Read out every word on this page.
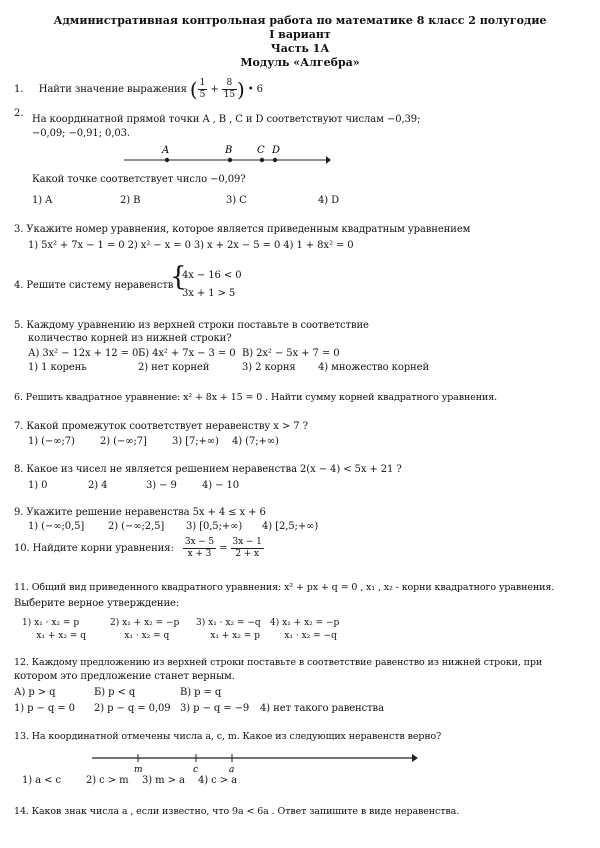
Административная контрольная работа по математике 8 класс 2 полугодие
I вариант
Часть 1А
Модуль «Алгебра»
1. Найти значение выражения ( $\frac{1}{5} + \frac{8}{15}$ ) • 6
2.
На координатной прямой точки A , B , C и D соответствуют числам −0,39;
−0,09; −0,91; 0,03.
A	B C D
Какой точке соответствует число −0,09?
1) A	2) B	3) C	4) D
3. Укажите номер уравнения, которое является приведенным квадратным уравнением
1) 5x² + 7x − 1 = 0 2) x² − x = 0 3) x + 2x − 5 = 0 4) 1 + 8x² = 0
4. Решите систему неравенств
{
4x − 16 < 0
3x + 1 > 5
5. Каждому уравнению из верхней строки поставьте в соответствие
количество корней из нижней строки?
А) 3x² − 12x + 12 = 0 Б) 4x² + 7x − 3 = 0 В) 2x² − 5x + 7 = 0
1) 1 корень	2) нет корней	3) 2 корня 4) множество корней
6. Решить квадратное уравнение: x² + 8x + 15 = 0 . Найти сумму корней квадратного уравнения.
7. Какой промежуток соответствует неравенству x > 7 ?
1) (−∞;7)	2) (−∞;7]	3) [7;+∞) 4) (7;+∞)
8. Какое из чисел не является решением неравенства 2(x − 4) < 5x + 21 ?
1) 0	2) 4	3) − 9	4) − 10
9. Укажите решение неравенства 5x + 4 ≤ x + 6
1) (−∞;0,5] 2) (−∞;2,5] 3) [0,5;+∞) 4) [2,5;+∞)
10. Найдите корни уравнения: $\frac{3x - 5}{x + 3} = \frac{3x - 1}{2 + x}$
11. Общий вид приведенного квадратного уравнения: x² + px + q = 0 , x₁ , x₂ - корни квадратного уравнения.
Выберите верное утверждение:
1) x₁ · x₂ = p
x₁ + x₂ = q
2) x₁ + x₂ = −p
x₁ · x₂ = q
3) x₁ · x₂ = −q
x₁ + x₂ = p
4) x₁ + x₂ = −p
x₁ · x₂ = −q
12. Каждому предложению из верхней строки поставьте в соответствие равенство из нижней строки, при
котором это предложение станет верным.
А) p > q	Б) p < q	В) p = q
1) p − q = 0 2) p − q = 0,09 3) p − q = −9 4) нет такого равенства
13. На координатной отмечены числа a, c, m. Какое из следующих неравенств верно?
m	c	a
1) a < c	2) c > m 3) m > a 4) c > a
14. Каков знак числа a , если известно, что 9a < 6a . Ответ запишите в виде неравенства.
